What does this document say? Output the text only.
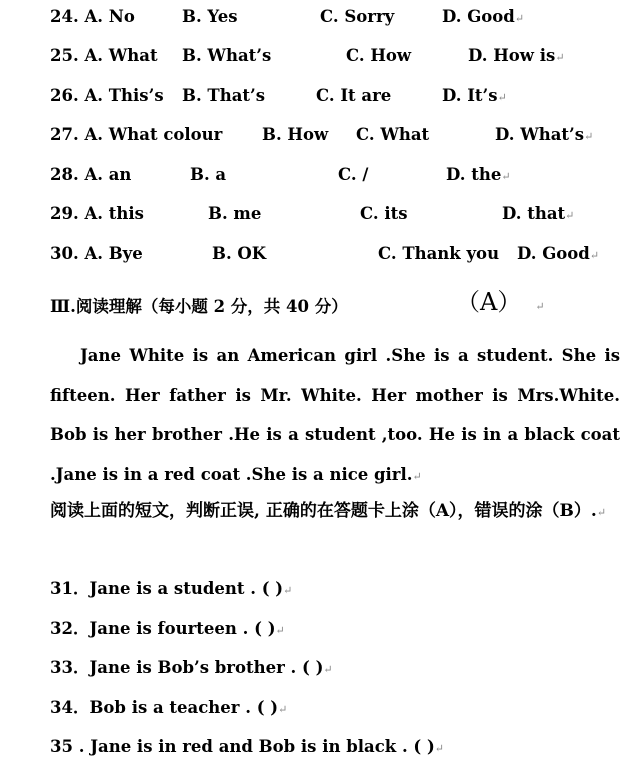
24. A. No	B. Yes	C. Sorry	D. Good↵
25. A. What B. What’s	C. How	D. How is↵
26. A. This’s B. That’s	C. It are	D. It’s↵
27. A. What colour B. How C. What	D. What’s↵
28. A. an	B. a	C. /	D. the↵
29. A. this	B. me	C. its	D. that↵
30. A. Bye	B. OK	C. Thank you D. Good↵
Ⅲ.阅读理解（每小题 2 分，共 40 分）	（A） ↵

Jane White is an American girl .She is a student. She is fifteen. Her father is Mr. White. Her mother is Mrs.White. Bob is her brother .He is a student ,too. He is in a black coat .Jane is in a red coat .She is a nice girl.↵

阅读上面的短文，判断正误, 正确的在答题卡上涂（A），错误的涂（B）.↵

31．Jane is a student . ( )↵
32．Jane is fourteen . ( )↵
33．Jane is Bob’s brother . ( )↵
34．Bob is a teacher . ( )↵
35 . Jane is in red and Bob is in black . ( )↵
